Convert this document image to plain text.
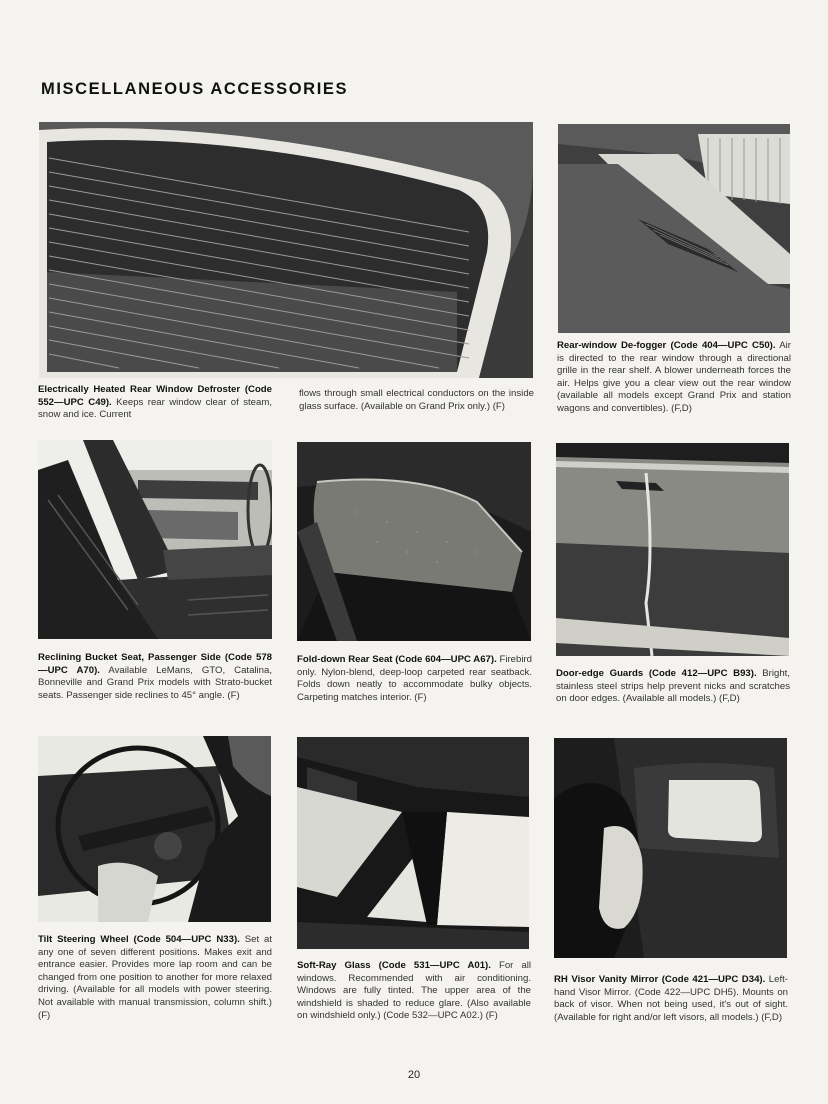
MISCELLANEOUS ACCESSORIES
Electrically Heated Rear Window Defroster (Code 552—UPC C49). Keeps rear window clear of steam, snow and ice. Current
flows through small electrical conductors on the inside glass surface. (Available on Grand Prix only.) (F)
Rear-window De-fogger (Code 404—UPC C50). Air is directed to the rear window through a directional grille in the rear shelf. A blower underneath forces the air. Helps give you a clear view out the rear window (available all models except Grand Prix and station wagons and convertibles). (F,D)
Reclining Bucket Seat, Passenger Side (Code 578—UPC A70). Available LeMans, GTO, Catalina, Bonneville and Grand Prix models with Strato-bucket seats. Passenger side reclines to 45° angle. (F)
Fold-down Rear Seat (Code 604—UPC A67). Firebird only. Nylon-blend, deep-loop carpeted rear seatback. Folds down neatly to accommodate bulky objects. Carpeting matches interior. (F)
Door-edge Guards (Code 412—UPC B93). Bright, stainless steel strips help prevent nicks and scratches on door edges. (Available all models.) (F,D)
Tilt Steering Wheel (Code 504—UPC N33). Set at any one of seven different positions. Makes exit and entrance easier. Provides more lap room and can be changed from one position to another for more relaxed driving. (Available for all models with power steering. Not available with manual transmission, column shift.) (F)
Soft-Ray Glass (Code 531—UPC A01). For all windows. Recommended with air conditioning. Windows are fully tinted. The upper area of the windshield is shaded to reduce glare. (Also available on windshield only.) (Code 532—UPC A02.) (F)
RH Visor Vanity Mirror (Code 421—UPC D34). Left-hand Visor Mirror. (Code 422—UPC DH5). Mounts on back of visor. When not being used, it's out of sight. (Available for right and/or left visors, all models.) (F,D)
20
